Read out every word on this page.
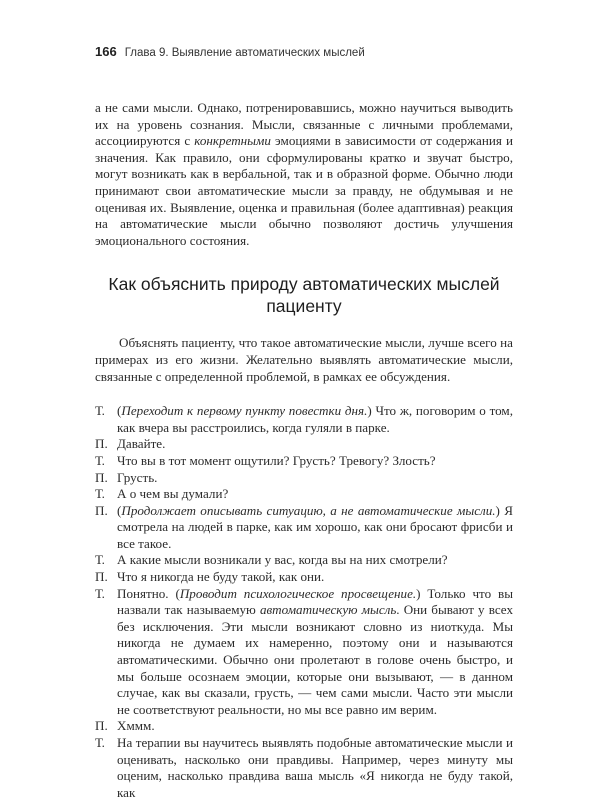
166 Глава 9. Выявление автоматических мыслей

а не сами мысли. Однако, потренировавшись, можно научиться выводить их на уровень сознания. Мысли, связанные с личными проблемами, ассоциируются с конкретными эмоциями в зависимости от содержания и значения. Как правило, они сформулированы кратко и звучат быстро, могут возникать как в вербальной, так и в образной форме. Обычно люди принимают свои автоматические мысли за правду, не обдумывая и не оценивая их. Выявление, оценка и правильная (более адаптивная) реакция на автоматические мысли обычно позволяют достичь улучшения эмоционального состояния.

Как объяснить природу автоматических мыслей
пациенту

Объяснять пациенту, что такое автоматические мысли, лучше всего на примерах из его жизни. Желательно выявлять автоматические мысли, связанные с определенной проблемой, в рамках ее обсуждения.

Т. (Переходит к первому пункту повестки дня.) Что ж, поговорим о том, как вчера вы расстроились, когда гуляли в парке.
П. Давайте.
Т. Что вы в тот момент ощутили? Грусть? Тревогу? Злость?
П. Грусть.
Т. А о чем вы думали?
П. (Продолжает описывать ситуацию, а не автоматические мысли.) Я смотрела на людей в парке, как им хорошо, как они бросают фрисби и все такое.
Т. А какие мысли возникали у вас, когда вы на них смотрели?
П. Что я никогда не буду такой, как они.
Т. Понятно. (Проводит психологическое просвещение.) Только что вы назвали так называемую автоматическую мысль. Они бывают у всех без исключения. Эти мысли возникают словно из ниоткуда. Мы никогда не думаем их намеренно, поэтому они и называются автоматическими. Обычно они пролетают в голове очень быстро, и мы больше осознаем эмоции, которые они вызывают, — в данном случае, как вы сказали, грусть, — чем сами мысли. Часто эти мысли не соответствуют реальности, но мы все равно им верим.
П. Хммм.
Т. На терапии вы научитесь выявлять подобные автоматические мысли и оценивать, насколько они правдивы. Например, через минуту мы оценим, насколько правдива ваша мысль «Я никогда не буду такой, как
